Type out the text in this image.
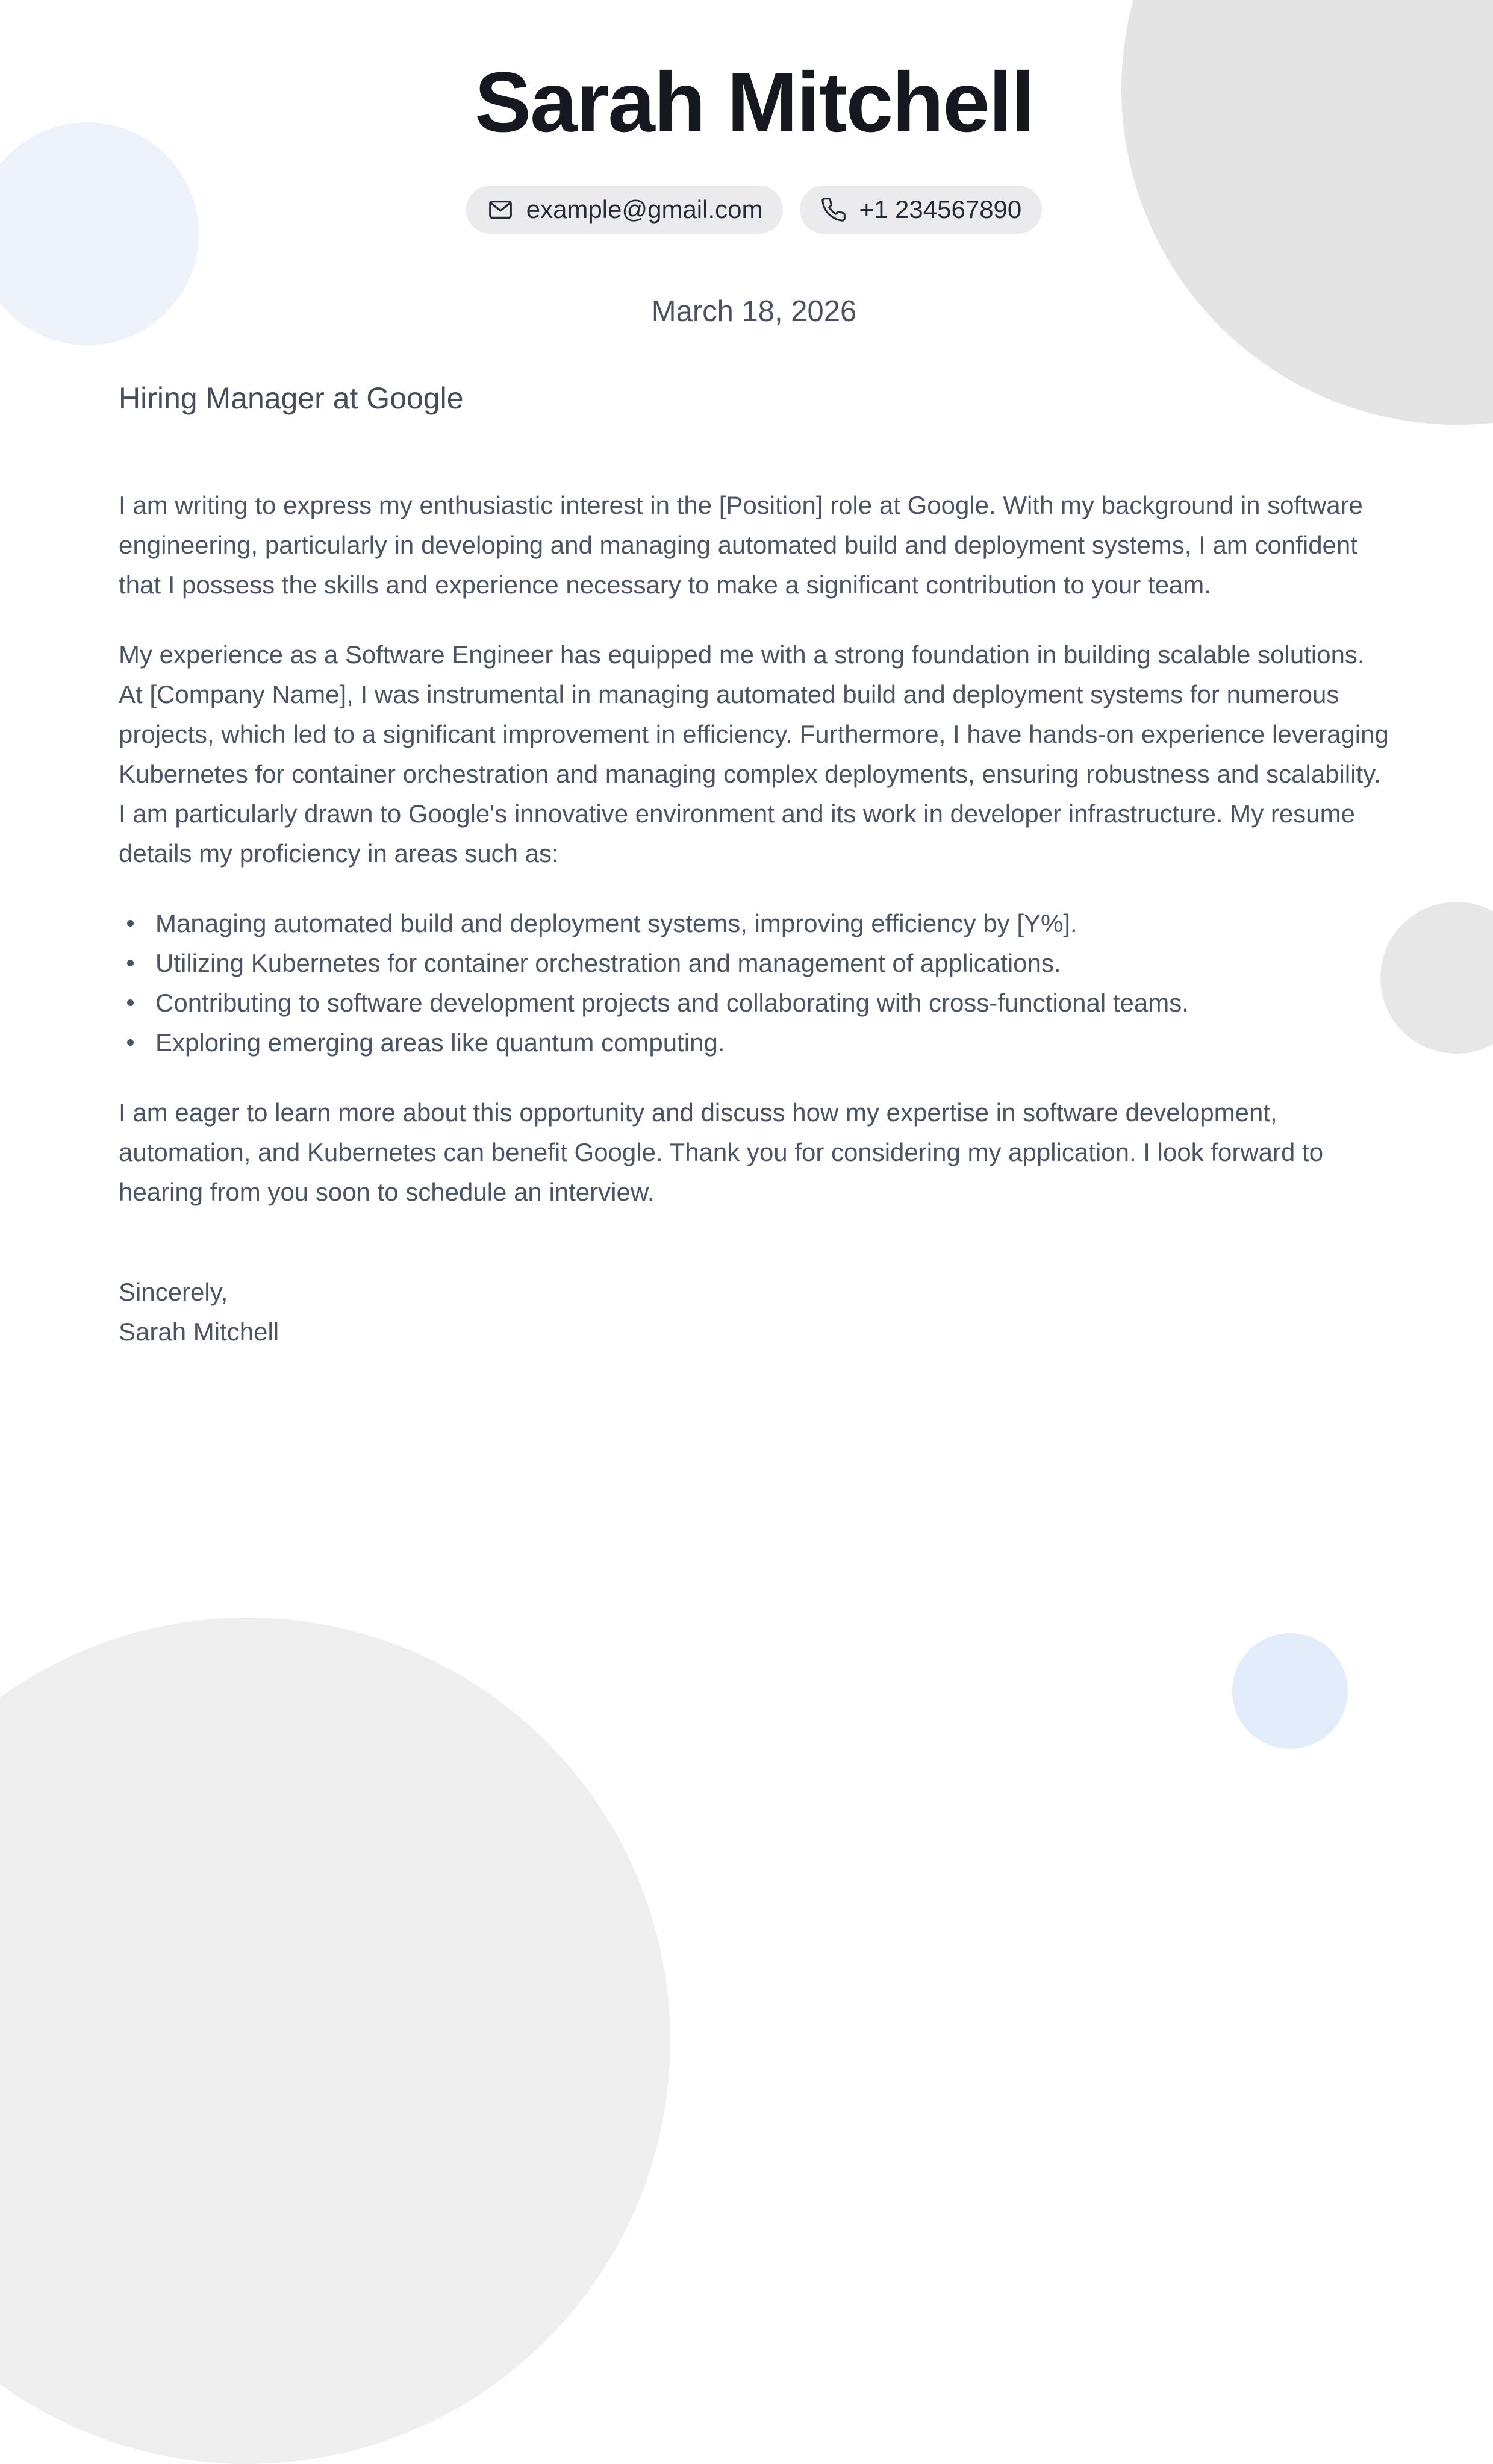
Sarah Mitchell
example@gmail.com	+1 234567890
March 18, 2026
Hiring Manager at Google

I am writing to express my enthusiastic interest in the [Position] role at Google. With my background in software engineering, particularly in developing and managing automated build and deployment systems, I am confident that I possess the skills and experience necessary to make a significant contribution to your team.

My experience as a Software Engineer has equipped me with a strong foundation in building scalable solutions. At [Company Name], I was instrumental in managing automated build and deployment systems for numerous projects, which led to a significant improvement in efficiency. Furthermore, I have hands-on experience leveraging Kubernetes for container orchestration and managing complex deployments, ensuring robustness and scalability.
I am particularly drawn to Google's innovative environment and its work in developer infrastructure. My resume details my proficiency in areas such as:

Managing automated build and deployment systems, improving efficiency by [Y%].
Utilizing Kubernetes for container orchestration and management of applications.
Contributing to software development projects and collaborating with cross-functional teams.
Exploring emerging areas like quantum computing.

I am eager to learn more about this opportunity and discuss how my expertise in software development, automation, and Kubernetes can benefit Google. Thank you for considering my application. I look forward to hearing from you soon to schedule an interview.

Sincerely,
Sarah Mitchell
